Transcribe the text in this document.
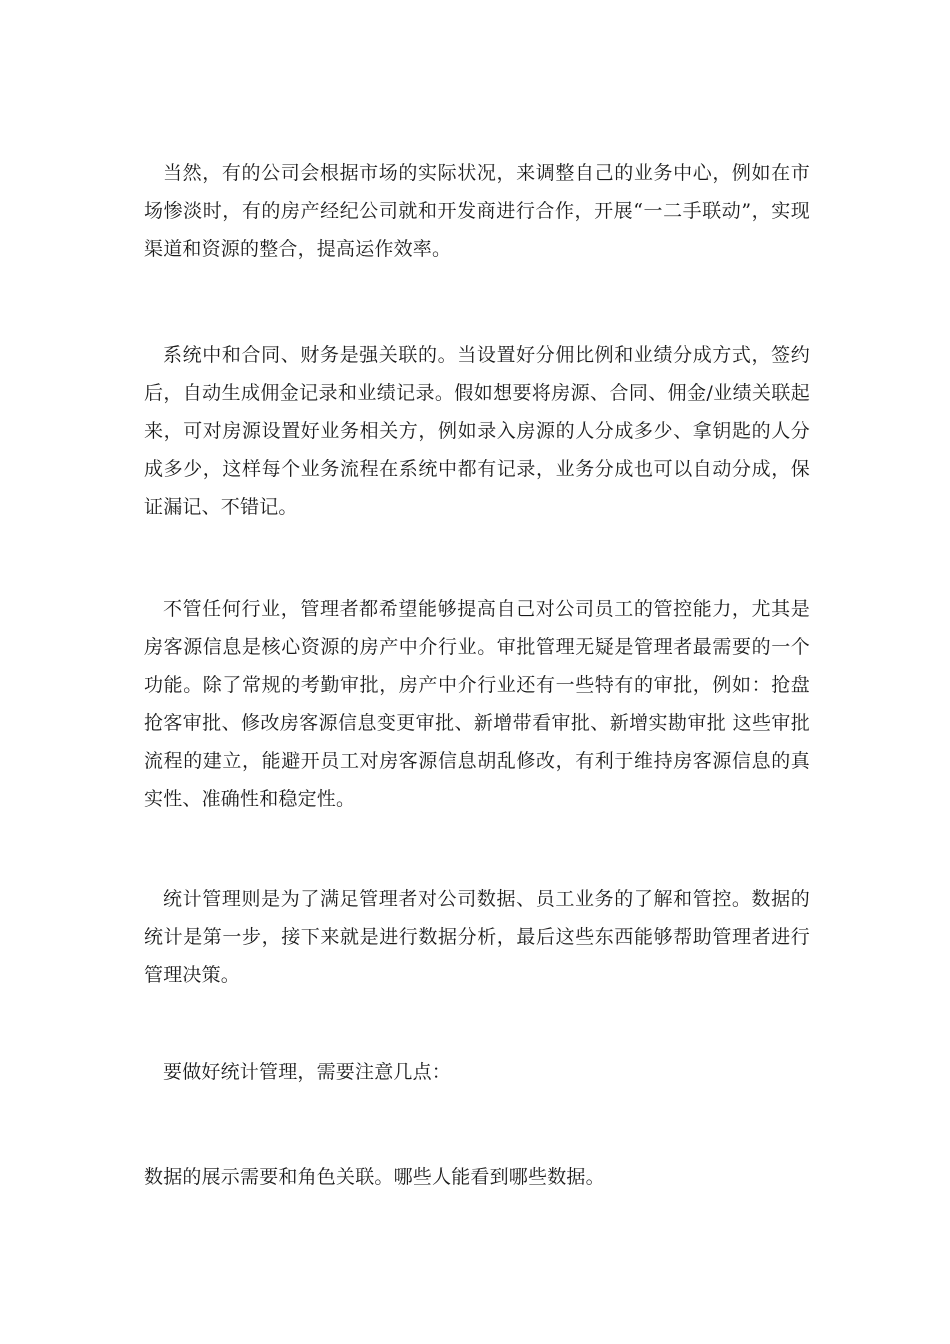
当然，有的公司会根据市场的实际状况，来调整自己的业务中心，例如在市场惨淡时，有的房产经纪公司就和开发商进行合作，开展“一二手联动”，实现渠道和资源的整合，提高运作效率。

系统中和合同、财务是强关联的。当设置好分佣比例和业绩分成方式，签约后，自动生成佣金记录和业绩记录。假如想要将房源、合同、佣金/业绩关联起来，可对房源设置好业务相关方，例如录入房源的人分成多少、拿钥匙的人分成多少，这样每个业务流程在系统中都有记录，业务分成也可以自动分成，保证漏记、不错记。

不管任何行业，管理者都希望能够提高自己对公司员工的管控能力，尤其是房客源信息是核心资源的房产中介行业。审批管理无疑是管理者最需要的一个功能。除了常规的考勤审批，房产中介行业还有一些特有的审批，例如：抢盘抢客审批、修改房客源信息变更审批、新增带看审批、新增实勘审批 这些审批流程的建立，能避开员工对房客源信息胡乱修改，有利于维持房客源信息的真实性、准确性和稳定性。

统计管理则是为了满足管理者对公司数据、员工业务的了解和管控。数据的统计是第一步，接下来就是进行数据分析，最后这些东西能够帮助管理者进行管理决策。

要做好统计管理，需要注意几点：

数据的展示需要和角色关联。哪些人能看到哪些数据。
